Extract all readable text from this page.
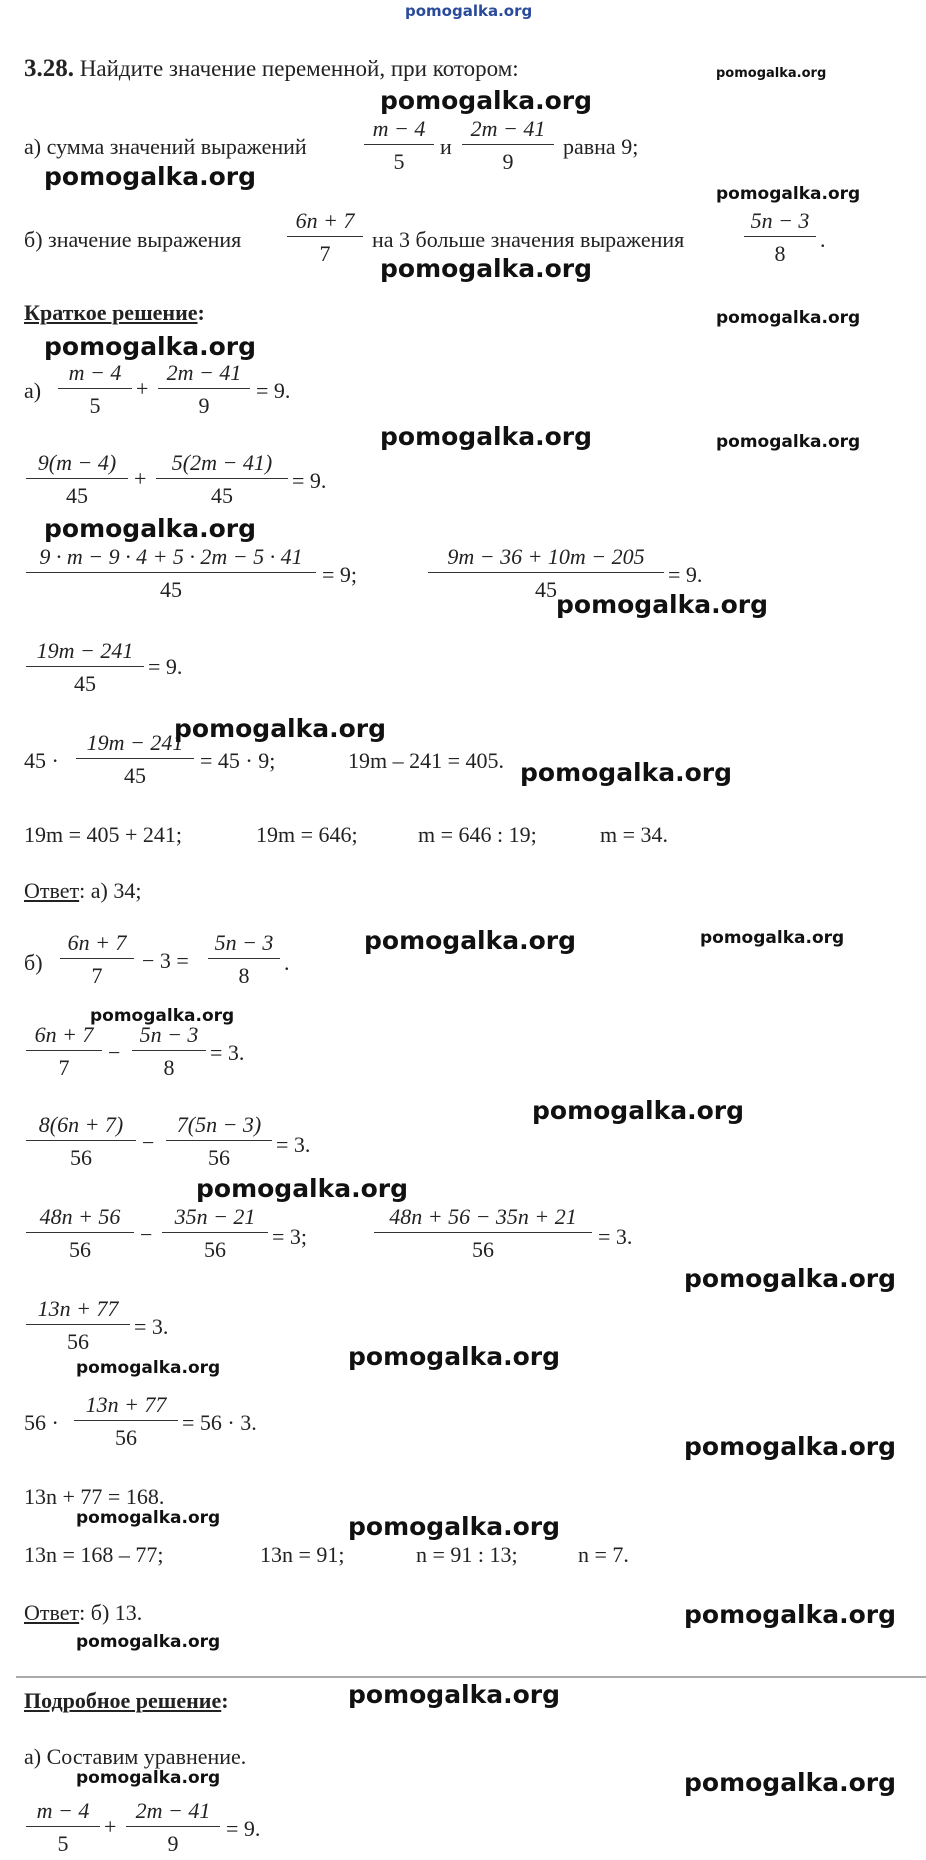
pomogalka.org
3.28. Найдите значение переменной, при котором:
а) сумма значений выражений
m − 4
5
и
2m − 41
9
равна 9;
б) значение выражения
6n + 7
7
на 3 больше значения выражения
5n − 3
8
.
Краткое решение:
а)
m − 4
5
+
2m − 41
9
= 9.
9(m − 4)
45
+
5(2m − 41)
45
= 9.
9 · m − 9 · 4 + 5 · 2m − 5 · 41
45
= 9;
9m − 36 + 10m − 205
45
= 9.
19m − 241
45
= 9.
45 ·
19m − 241
45
= 45 · 9;	19m – 241 = 405.
19m = 405 + 241;	19m = 646;	m = 646 : 19;	m = 34.
Ответ: а) 34;
б)
6n + 7
7
− 3 =
5n − 3
8
.
6n + 7
7
−
5n − 3
8
= 3.
8(6n + 7)
56
−
7(5n − 3)
56
= 3.
48n + 56
56
−
35n − 21
56
= 3;
48n + 56 − 35n + 21
56
= 3.
13n + 77
56
= 3.
56 ·
13n + 77
56
= 56 · 3.
13n + 77 = 168.
13n = 168 – 77;	13n = 91;	n = 91 : 13;	n = 7.
Ответ: б) 13.
Подробное решение:
а) Составим уравнение.
m − 4
5
+
2m − 41
9
= 9.
pomogalka.org
pomogalka.org
pomogalka.org
pomogalka.org
pomogalka.org
pomogalka.org
pomogalka.org
pomogalka.org	pomogalka.org
pomogalka.org
pomogalka.org
pomogalka.org
pomogalka.org
pomogalka.org	pomogalka.org
pomogalka.org
pomogalka.org
pomogalka.org
pomogalka.org
pomogalka.org
pomogalka.org
pomogalka.org
pomogalka.org	pomogalka.org
pomogalka.org
pomogalka.org
pomogalka.org
pomogalka.org	pomogalka.org
